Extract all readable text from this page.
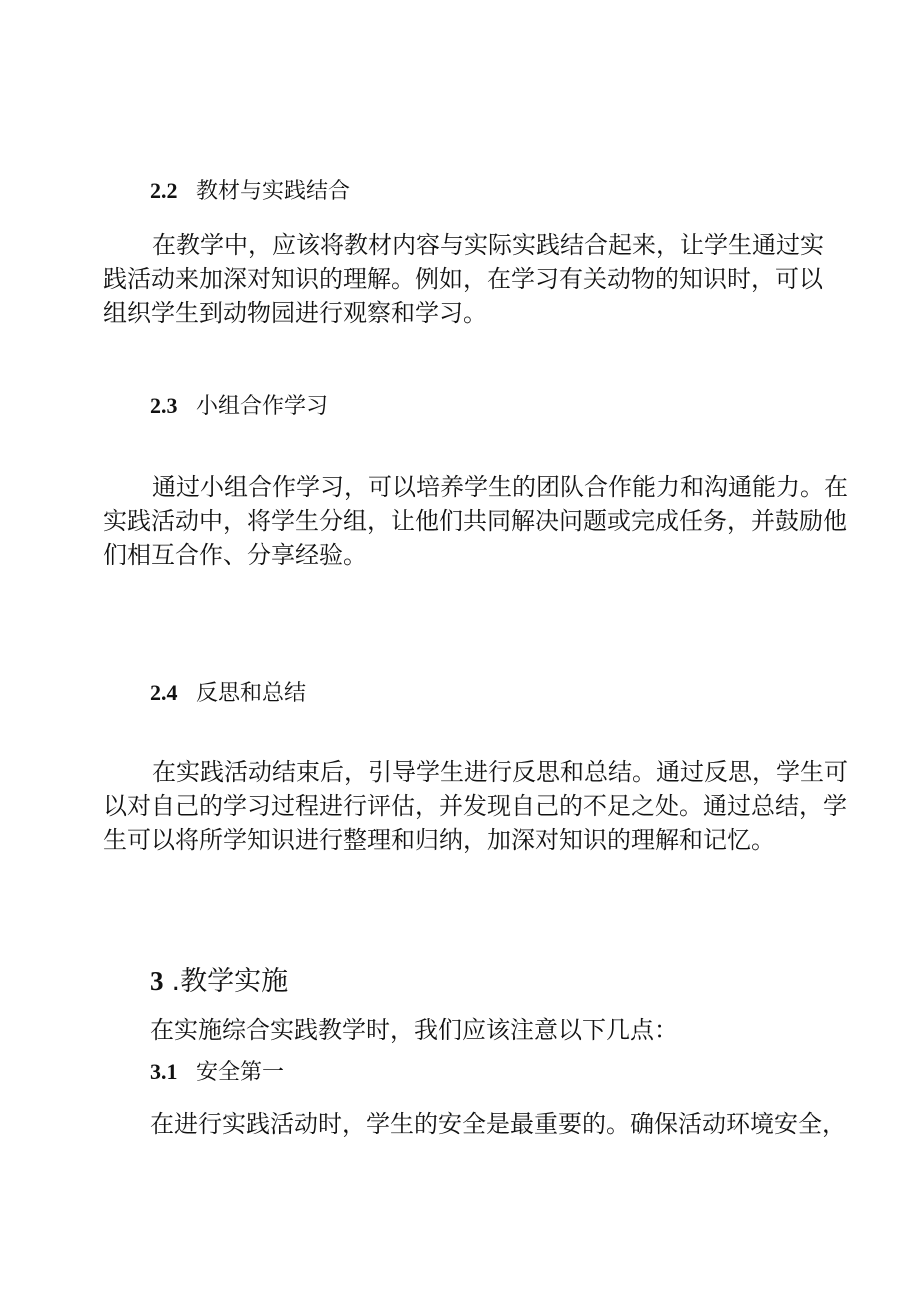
2.2 教材与实践结合
在教学中，应该将教材内容与实际实践结合起来，让学生通过实
践活动来加深对知识的理解。例如，在学习有关动物的知识时，可以
组织学生到动物园进行观察和学习。
2.3 小组合作学习
通过小组合作学习，可以培养学生的团队合作能力和沟通能力。在
实践活动中，将学生分组，让他们共同解决问题或完成任务，并鼓励他
们相互合作、分享经验。
2.4 反思和总结
在实践活动结束后，引导学生进行反思和总结。通过反思，学生可
以对自己的学习过程进行评估，并发现自己的不足之处。通过总结，学
生可以将所学知识进行整理和归纳，加深对知识的理解和记忆。
3 .教学实施
在实施综合实践教学时，我们应该注意以下几点：
3.1 安全第一
在进行实践活动时，学生的安全是最重要的。确保活动环境安全，
